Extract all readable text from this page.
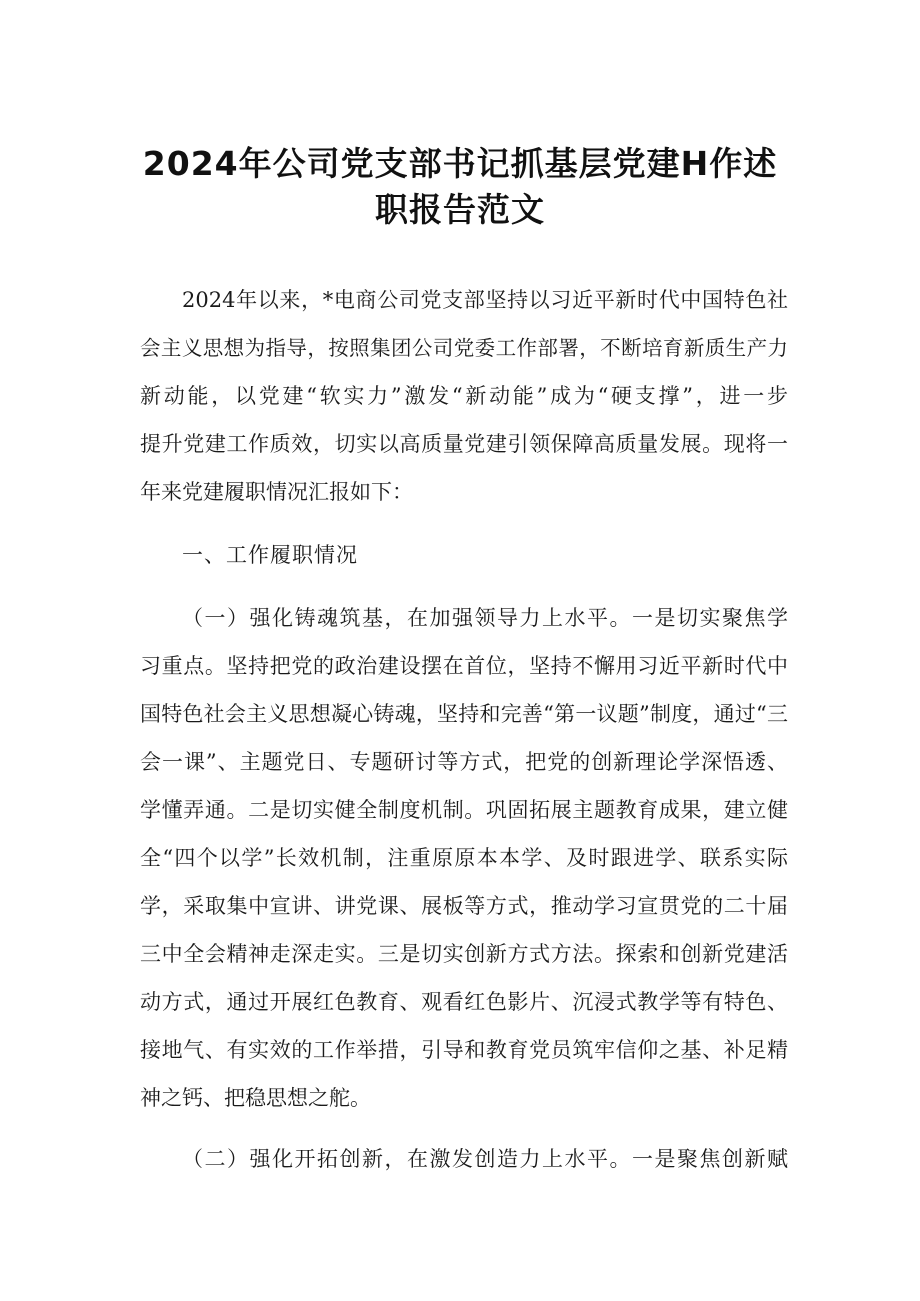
2024年公司党支部书记抓基层党建H作述
职报告范文
2024年以来，*电商公司党支部坚持以习近平新时代中国特色社
会主义思想为指导，按照集团公司党委工作部署，不断培育新质生产力
新动能，以党建“软实力”激发“新动能”成为“硬支撑”，进一步
提升党建工作质效，切实以高质量党建引领保障高质量发展。现将一
年来党建履职情况汇报如下：
一、工作履职情况
（一）强化铸魂筑基，在加强领导力上水平。一是切实聚焦学
习重点。坚持把党的政治建设摆在首位，坚持不懈用习近平新时代中
国特色社会主义思想凝心铸魂，坚持和完善“第一议题”制度，通过“三
会一课”、主题党日、专题研讨等方式，把党的创新理论学深悟透、
学懂弄通。二是切实健全制度机制。巩固拓展主题教育成果，建立健
全“四个以学”长效机制，注重原原本本学、及时跟进学、联系实际
学，采取集中宣讲、讲党课、展板等方式，推动学习宣贯党的二十届
三中全会精神走深走实。三是切实创新方式方法。探索和创新党建活
动方式，通过开展红色教育、观看红色影片、沉浸式教学等有特色、
接地气、有实效的工作举措，引导和教育党员筑牢信仰之基、补足精
神之钙、把稳思想之舵。
（二）强化开拓创新，在激发创造力上水平。一是聚焦创新赋
